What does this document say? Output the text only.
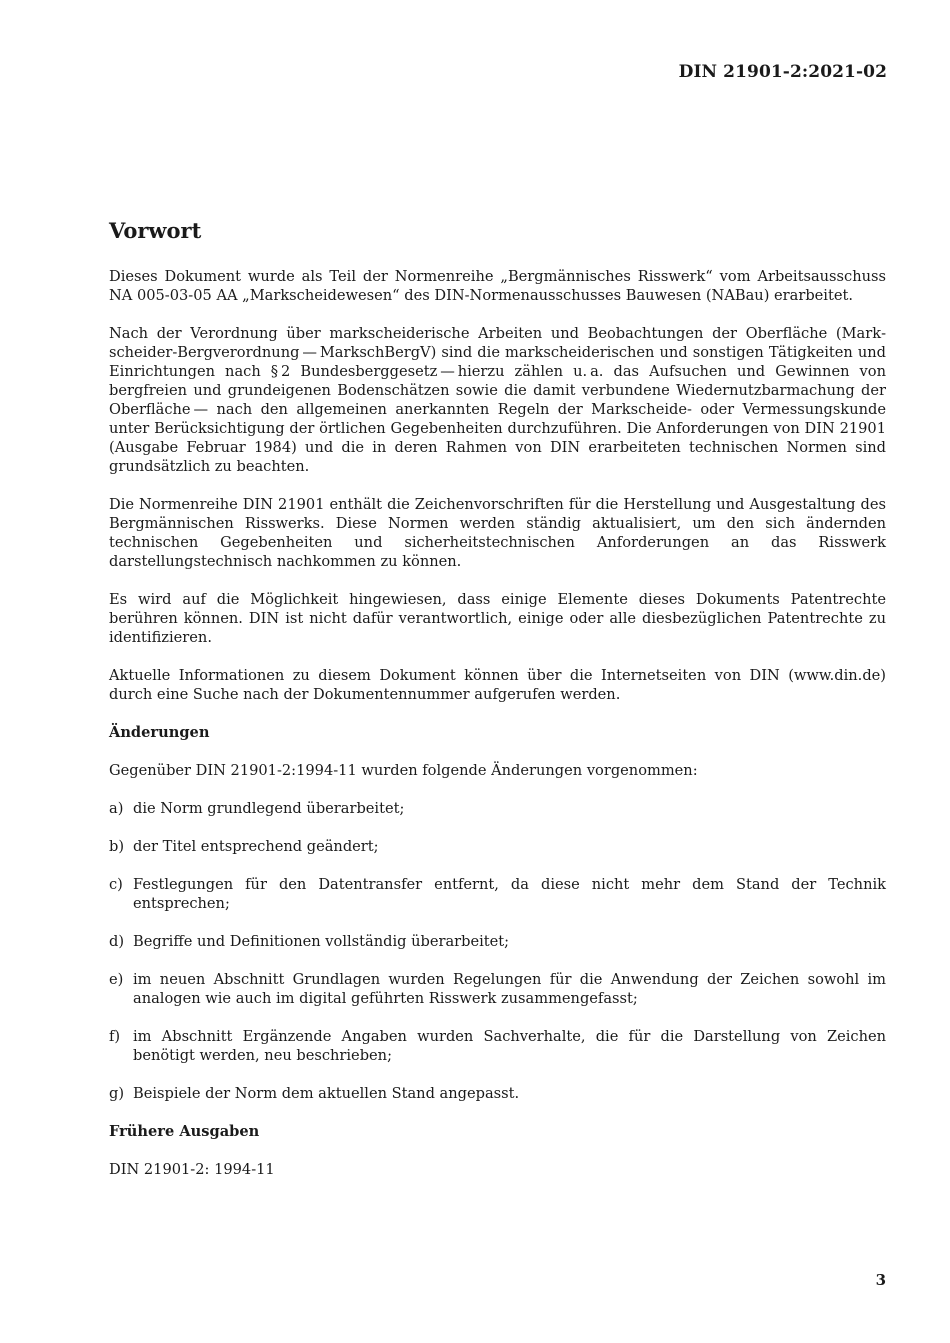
DIN 21901-2:2021-02
Vorwort

Dieses Dokument wurde als Teil der Normenreihe „Bergmännisches Risswerk“ vom Arbeitsausschuss NA 005-03-05 AA „Markscheidewesen“ des DIN-Normenausschusses Bauwesen (NABau) erarbeitet.

Nach der Verordnung über markscheiderische Arbeiten und Beobachtungen der Oberfläche (Markscheider-Bergverordnung — MarkschBergV) sind die markscheiderischen und sonstigen Tätigkeiten und Einrichtungen nach § 2 Bundesberggesetz — hierzu zählen u. a. das Aufsuchen und Gewinnen von bergfreien und grundeigenen Bodenschätzen sowie die damit verbundene Wiedernutzbarmachung der Oberfläche — nach den allgemeinen anerkannten Regeln der Markscheide- oder Vermessungskunde unter Berücksichtigung der örtlichen Gegebenheiten durchzuführen. Die Anforderungen von DIN 21901 (Ausgabe Februar 1984) und die in deren Rahmen von DIN erarbeiteten technischen Normen sind grundsätzlich zu beachten.

Die Normenreihe DIN 21901 enthält die Zeichenvorschriften für die Herstellung und Ausgestaltung des Bergmännischen Risswerks. Diese Normen werden ständig aktualisiert, um den sich ändernden technischen Gegebenheiten und sicherheitstechnischen Anforderungen an das Risswerk darstellungstechnisch nachkommen zu können.

Es wird auf die Möglichkeit hingewiesen, dass einige Elemente dieses Dokuments Patentrechte berühren können. DIN ist nicht dafür verantwortlich, einige oder alle diesbezüglichen Patentrechte zu identifizieren.

Aktuelle Informationen zu diesem Dokument können über die Internetseiten von DIN (www.din.de) durch eine Suche nach der Dokumentennummer aufgerufen werden.

Änderungen

Gegenüber DIN 21901-2:1994-11 wurden folgende Änderungen vorgenommen:

a) die Norm grundlegend überarbeitet;
b) der Titel entsprechend geändert;
c) Festlegungen für den Datentransfer entfernt, da diese nicht mehr dem Stand der Technik entsprechen;
d) Begriffe und Definitionen vollständig überarbeitet;
e) im neuen Abschnitt Grundlagen wurden Regelungen für die Anwendung der Zeichen sowohl im analogen wie auch im digital geführten Risswerk zusammengefasst;
f) im Abschnitt Ergänzende Angaben wurden Sachverhalte, die für die Darstellung von Zeichen benötigt werden, neu beschrieben;
g) Beispiele der Norm dem aktuellen Stand angepasst.
Frühere Ausgaben

DIN 21901-2: 1994-11

3
